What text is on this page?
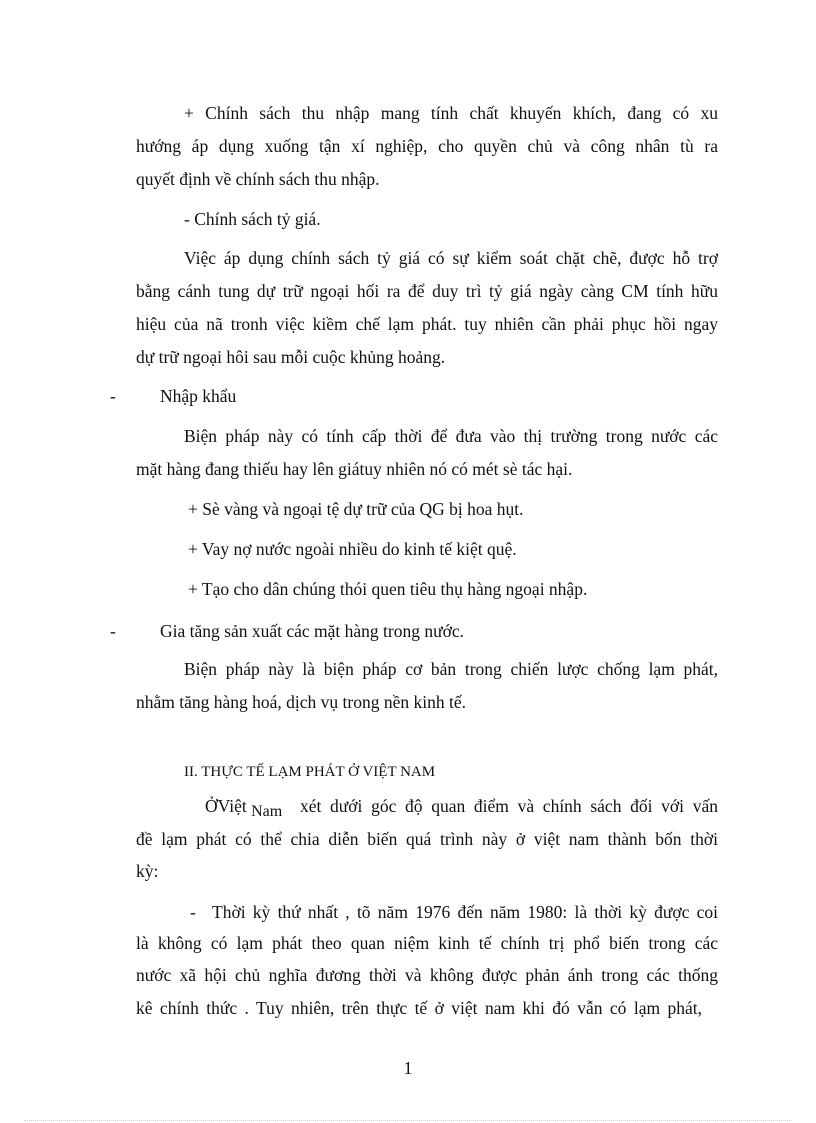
+ Chính sách thu nhập mang tính chất khuyến khích, đang có xu
hướng áp dụng xuống tận xí nghiệp, cho quyền chủ và công nhân tù ra
quyết định về chính sách thu nhập.
- Chính sách tỷ giá.
Việc áp dụng chính sách tỷ giá có sự kiểm soát chặt chẽ, được hỗ trợ
bằng cánh tung dự trữ ngoại hối ra để duy trì tỷ giá ngày càng CM tính hữu
hiệu của nã tronh việc kiềm chế lạm phát. tuy nhiên cần phải phục hồi ngay
dự trữ ngoại hôi sau mỗi cuộc khủng hoảng.
-	Nhập khẩu
Biện pháp này có tính cấp thời để đưa vào thị trường trong nước các
mặt hàng đang thiếu hay lên giátuy nhiên nó có mét sè tác hại.
+ Sè vàng và ngoại tệ dự trữ của QG bị hoa hụt.
+ Vay nợ nước ngoài nhiều do kinh tế kiệt quệ.
+ Tạo cho dân chúng thói quen tiêu thụ hàng ngoại nhập.
-	Gia tăng sản xuất các mặt hàng trong nước.
Biện pháp này là biện pháp cơ bản trong chiến lược chống lạm phát,
nhằm tăng hàng hoá, dịch vụ trong nền kinh tế.
II. THỰC TẾ LẠM PHÁT Ở VIỆT NAM
ỞViệt Nam xét dưới góc độ quan điểm và chính sách đối với vấn
đề lạm phát có thể chia diễn biến quá trình này ở việt nam thành bốn thời
kỳ:
- Thời kỳ thứ nhất , tõ năm 1976 đến năm 1980: là thời kỳ được coi
là không có lạm phát theo quan niệm kinh tế chính trị phổ biến trong các
nước xã hội chủ nghĩa đương thời và không được phản ánh trong các thống
kê chính thức . Tuy nhiên, trên thực tế ở việt nam khi đó vẫn có lạm phát,
1
